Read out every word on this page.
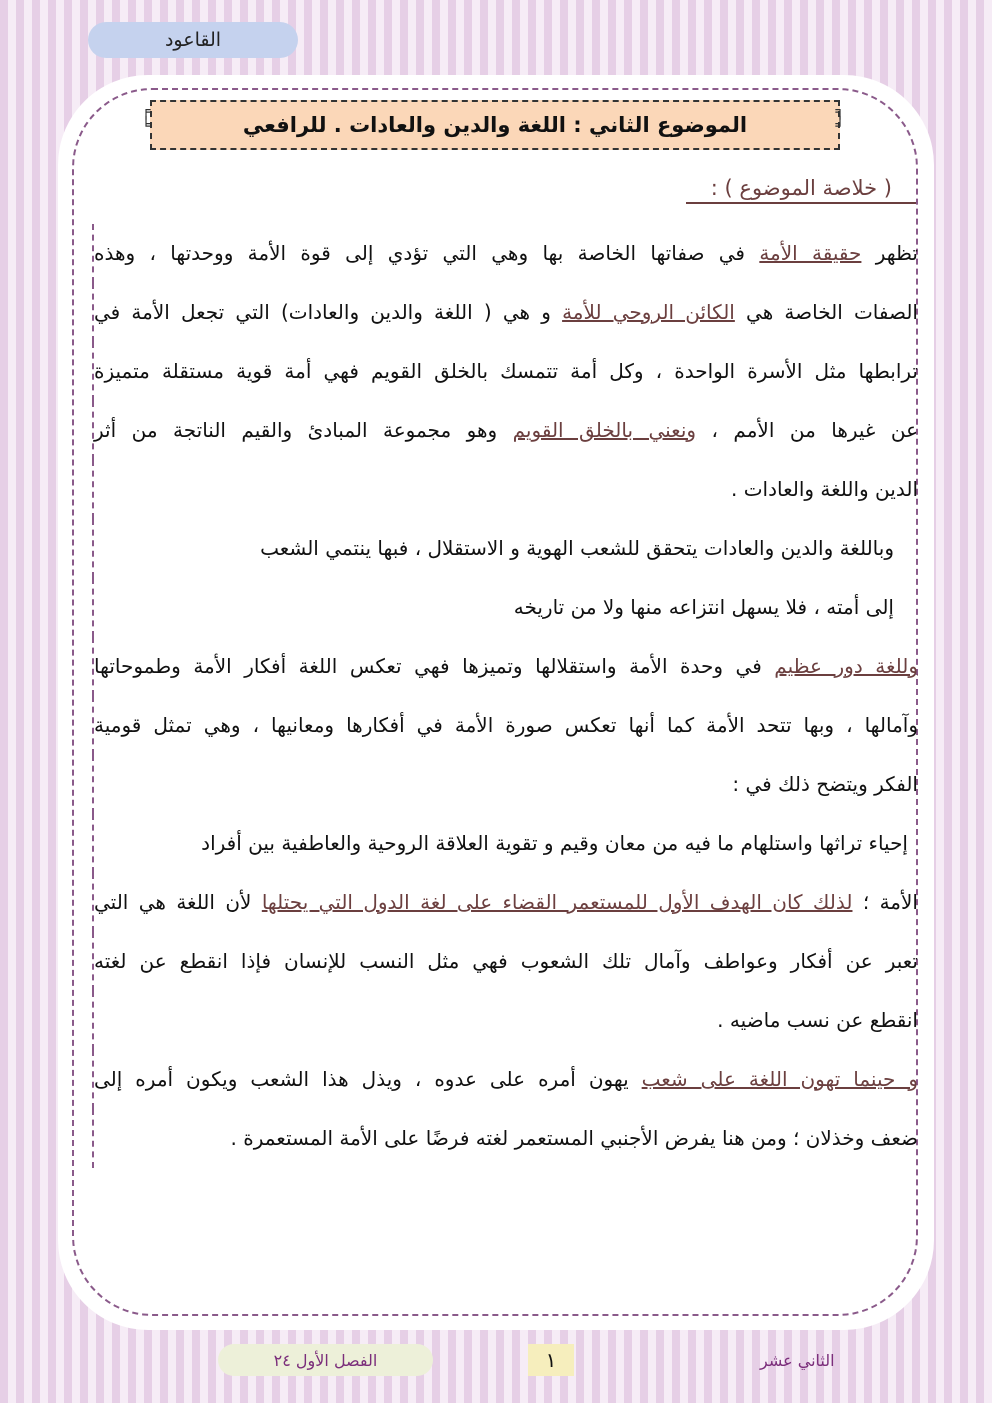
القاعود
الموضوع الثاني : اللغة والدين والعادات . للرافعي
╒
╘
╕
╛
( خلاصة الموضوع ) :
تظهر حقيقة الأمة في صفاتها الخاصة بها وهي التي تؤدي إلى قوة الأمة ووحدتها ، وهذه
الصفات الخاصة هي الكائن الروحي للأمة و هي ( اللغة والدين والعادات) التي تجعل الأمة في
ترابطها مثل الأسرة الواحدة ، وكل أمة تتمسك بالخلق القويم فهي أمة قوية مستقلة متميزة
عن غيرها من الأمم ، ونعني بالخلق القويم وهو مجموعة المبادئ والقيم الناتجة من أثر
الدين واللغة والعادات .
وباللغة والدين والعادات يتحقق للشعب الهوية و الاستقلال ، فبها ينتمي الشعب
إلى أمته ، فلا يسهل انتزاعه منها ولا من تاريخه
وللغة دور عظيم في وحدة الأمة واستقلالها وتميزها فهي تعكس اللغة أفكار الأمة وطموحاتها
وآمالها ، وبها تتحد الأمة كما أنها تعكس صورة الأمة في أفكارها ومعانيها ، وهي تمثل قومية
الفكر ويتضح ذلك في :
إحياء تراثها واستلهام ما فيه من معان وقيم و تقوية العلاقة الروحية والعاطفية بين أفراد
الأمة ؛ لذلك كان الهدف الأول للمستعمر القضاء على لغة الدول التي يحتلها لأن اللغة هي التي
تعبر عن أفكار وعواطف وآمال تلك الشعوب فهي مثل النسب للإنسان فإذا انقطع عن لغته
انقطع عن نسب ماضيه .
و حينما تهون اللغة على شعب يهون أمره على عدوه ، ويذل هذا الشعب ويكون أمره إلى
ضعف وخذلان ؛ ومن هنا يفرض الأجنبي المستعمر لغته فرضًا على الأمة المستعمرة .
الفصل الأول ٢٤	١	الثاني عشر
